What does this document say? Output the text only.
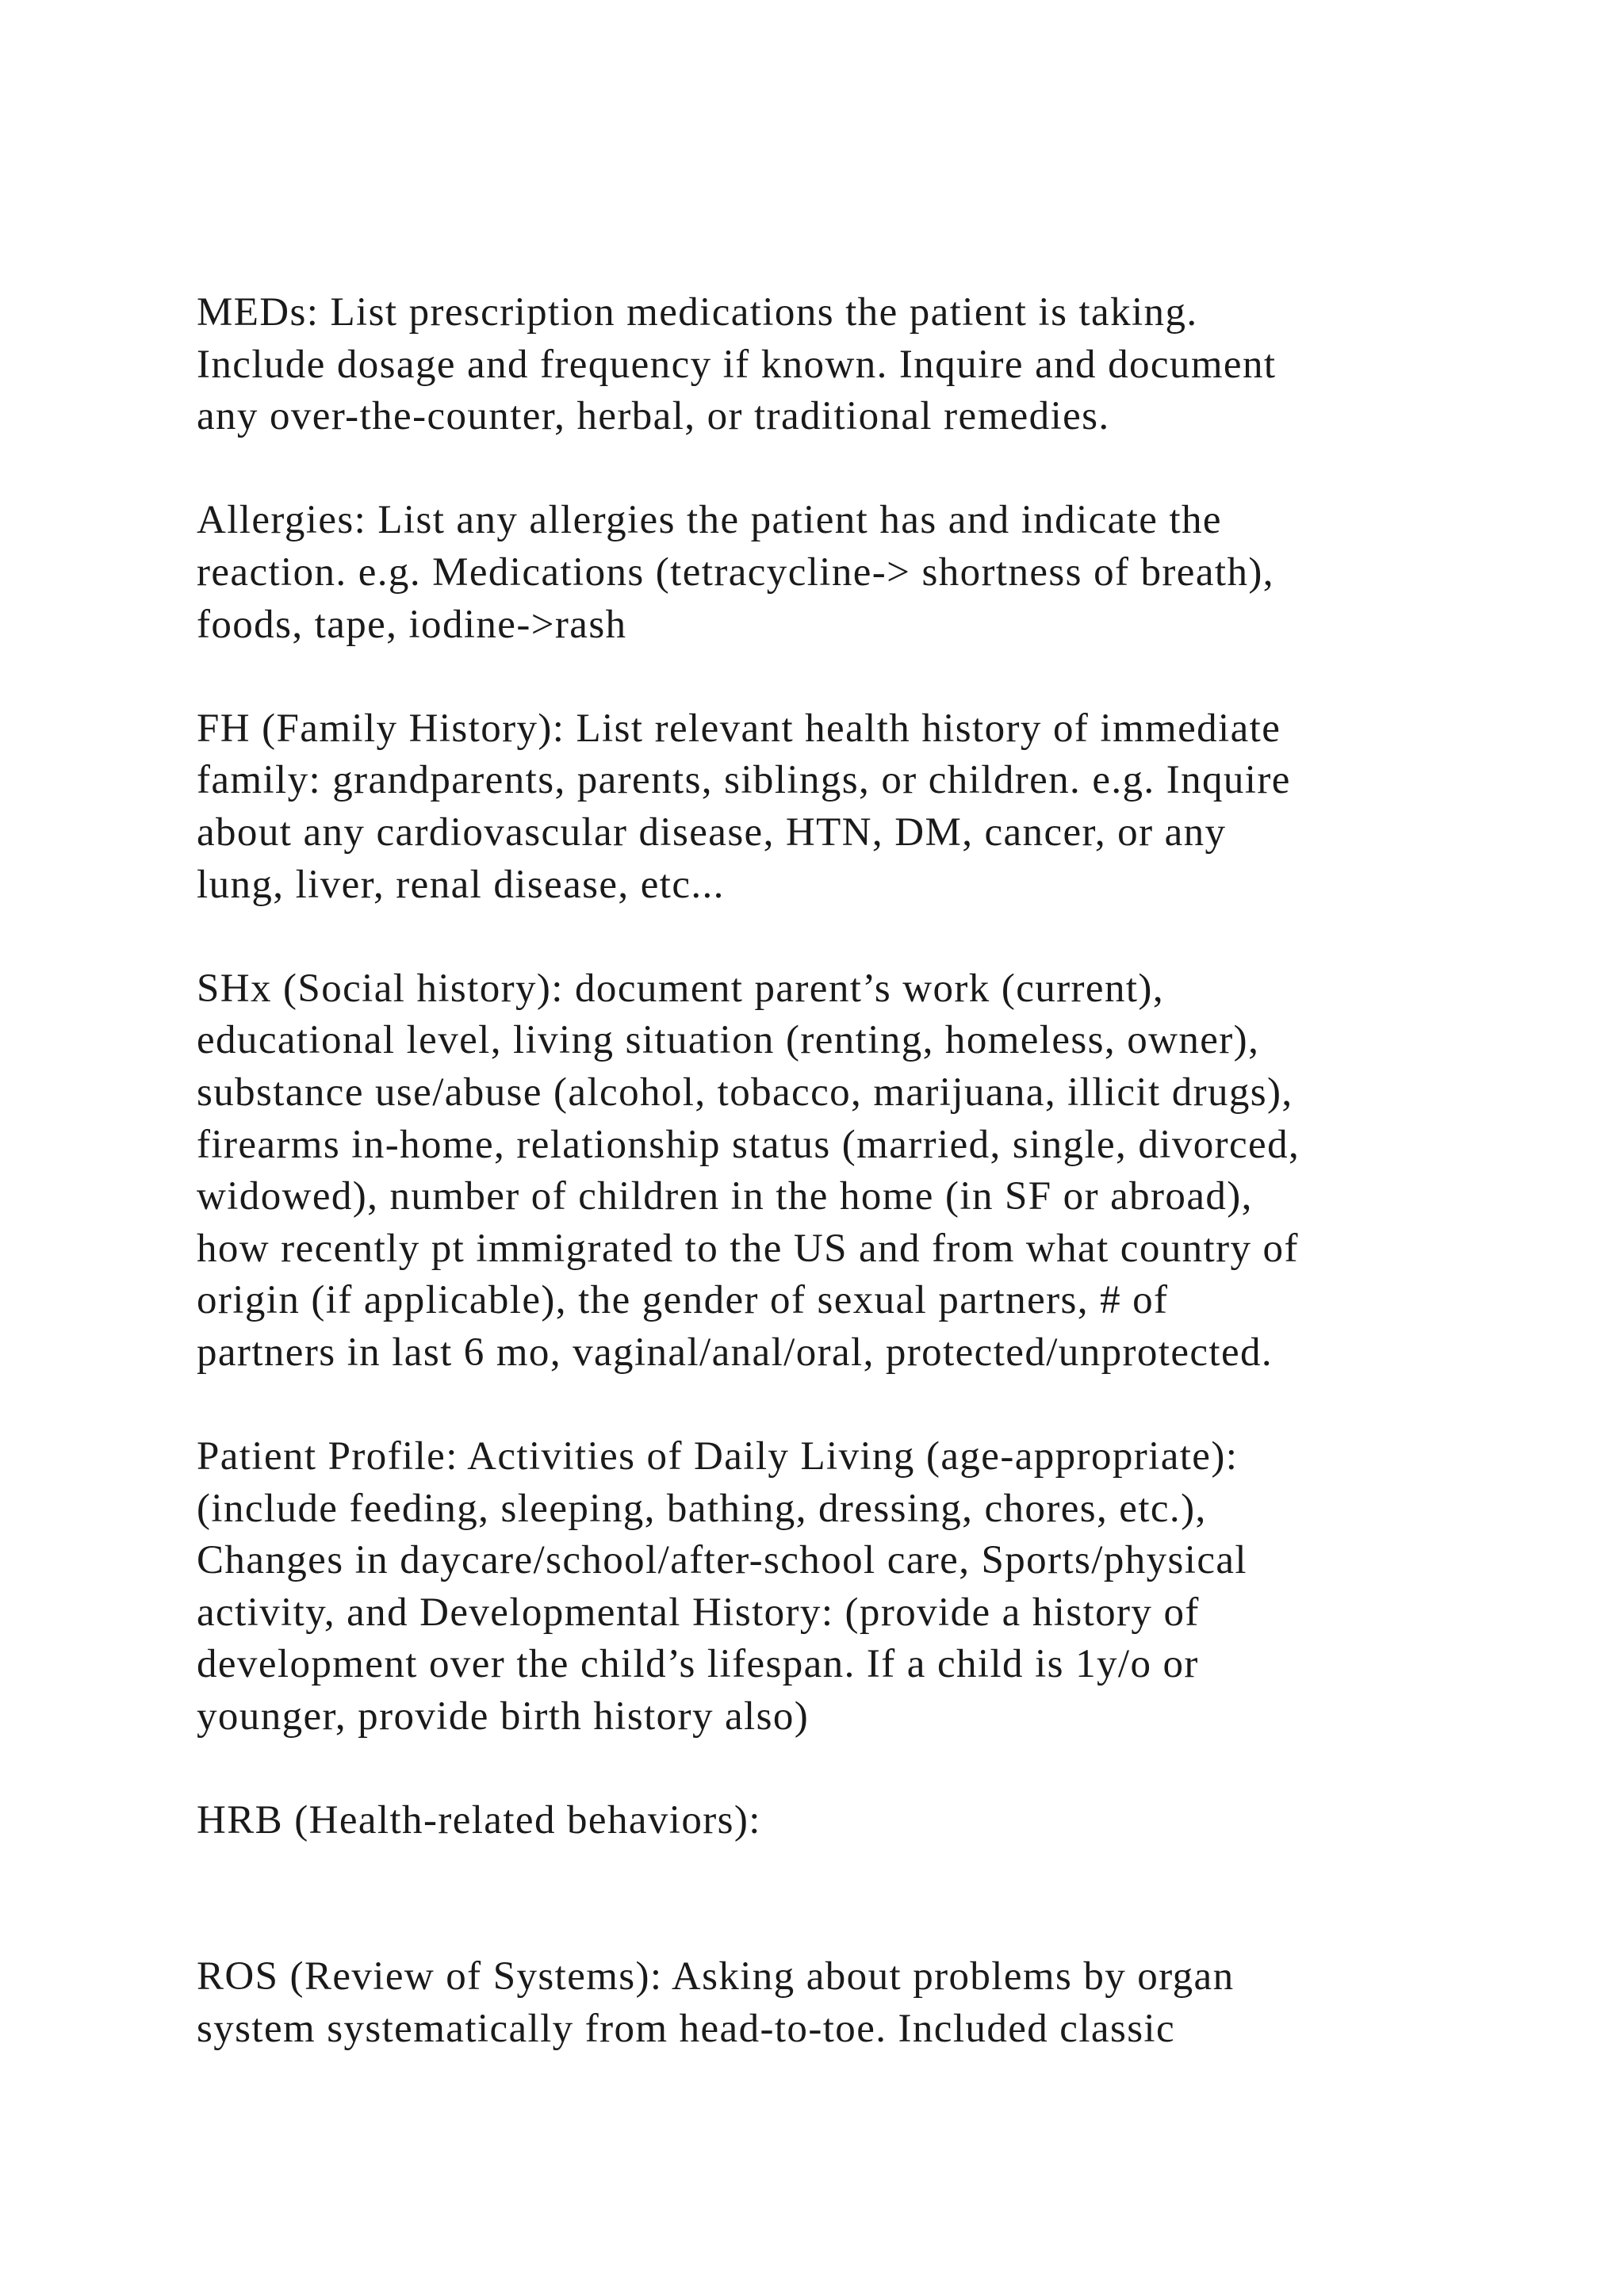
MEDs: List prescription medications the patient is taking.
Include dosage and frequency if known. Inquire and document
any over-the-counter, herbal, or traditional remedies.

Allergies: List any allergies the patient has and indicate the
reaction. e.g. Medications (tetracycline-> shortness of breath),
foods, tape, iodine->rash

FH (Family History): List relevant health history of immediate
family: grandparents, parents, siblings, or children. e.g. Inquire
about any cardiovascular disease, HTN, DM, cancer, or any
lung, liver, renal disease, etc...

SHx (Social history): document parent’s work (current),
educational level, living situation (renting, homeless, owner),
substance use/abuse (alcohol, tobacco, marijuana, illicit drugs),
firearms in-home, relationship status (married, single, divorced,
widowed), number of children in the home (in SF or abroad),
how recently pt immigrated to the US and from what country of
origin (if applicable), the gender of sexual partners, # of
partners in last 6 mo, vaginal/anal/oral, protected/unprotected.

Patient Profile: Activities of Daily Living (age-appropriate):
(include feeding, sleeping, bathing, dressing, chores, etc.),
Changes in daycare/school/after-school care, Sports/physical
activity, and Developmental History: (provide a history of
development over the child’s lifespan. If a child is 1y/o or
younger, provide birth history also)

HRB (Health-related behaviors):

ROS (Review of Systems): Asking about problems by organ
system systematically from head-to-toe. Included classic
